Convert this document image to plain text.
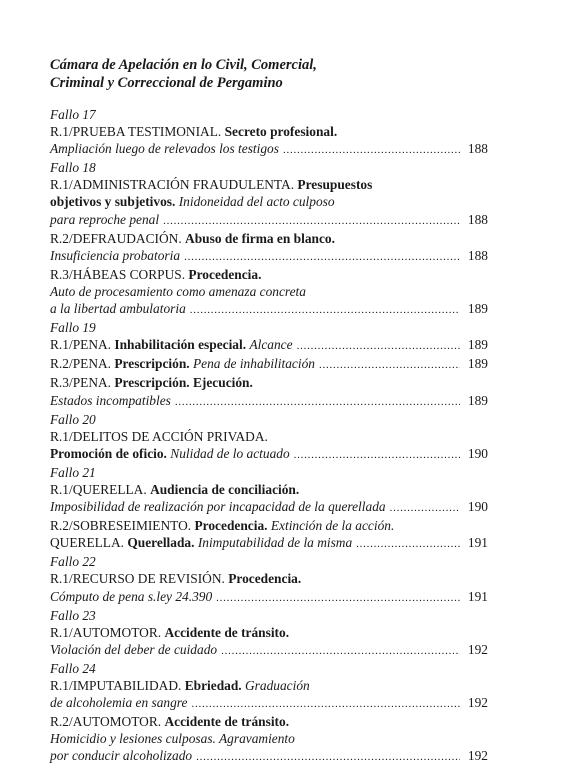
Cámara de Apelación en lo Civil, Comercial,
Criminal y Correccional de Pergamino
Fallo 17
R.1/PRUEBA TESTIMONIAL.
Secreto profesional.
Ampliación luego de relevados los testigos . . .	188
Fallo 18
R.1/ADMINISTRACIÓN FRAUDULENTA.
Presupuestos
objetivos y subjetivos.
Inidoneidad del acto culposo
para reproche penal . . .	188
R.2/DEFRAUDACIÓN.
Abuso de firma en blanco.
Insuficiencia probatoria . . .	188
R.3/HÁBEAS CORPUS.
Procedencia.
Auto de procesamiento como amenaza concreta
a la libertad ambulatoria . . .	189
Fallo 19
R.1/PENA.
Inhabilitación especial.
Alcance . . .	189
R.2/PENA.
Prescripción.
Pena de inhabilitación . . .	189
R.3/PENA.
Prescripción. Ejecución.
Estados incompatibles . . .	189
Fallo 20
R.1/DELITOS DE ACCIÓN PRIVADA.
Promoción de oficio.
Nulidad de lo actuado . . .	190
Fallo 21
R.1/QUERELLA.
Audiencia de conciliación.
Imposibilidad de realización por incapacidad de la querellada . . .	190
R.2/SOBRESEIMIENTO.
Procedencia.
Extinción de la acción.
QUERELLA.
Querellada.
Inimputabilidad de la misma . . .	191
Fallo 22
R.1/RECURSO DE REVISIÓN.
Procedencia.
Cómputo de pena s.ley 24.390 . . .	191
Fallo 23
R.1/AUTOMOTOR.
Accidente de tránsito.
Violación del deber de cuidado . . .	192
Fallo 24
R.1/IMPUTABILIDAD.
Ebriedad.
Graduación
de alcoholemia en sangre . . .	192
R.2/AUTOMOTOR.
Accidente de tránsito.
Homicidio y lesiones culposas. Agravamiento
por conducir alcoholizado . . .	192
